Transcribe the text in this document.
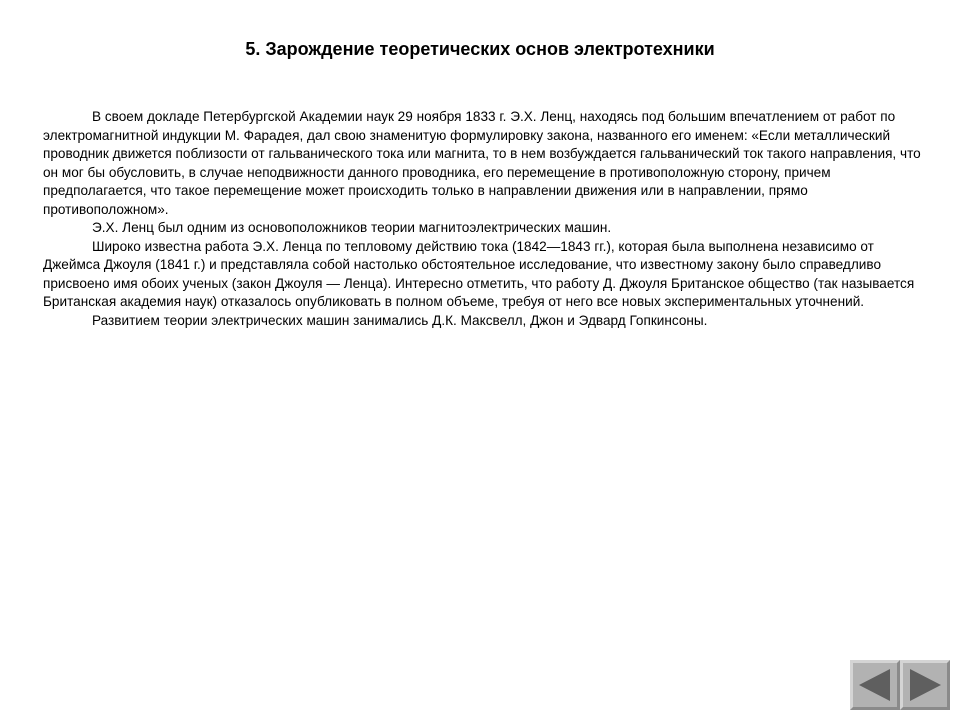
5. Зарождение теоретических основ электротехники

В своем докладе Петербургской Академии наук 29 ноября 1833 г. Э.Х. Ленц, находясь под большим впечатлением от работ по электромагнитной индукции М. Фарадея, дал свою знаменитую формулировку закона, названного его именем: «Если металлический проводник движется поблизости от гальванического тока или магнита, то в нем возбуждается гальванический ток такого направления, что он мог бы обусловить, в случае неподвижности данного проводника, его перемещение в противоположную сторону, причем предполагается, что такое перемещение может происходить только в направлении движения или в направлении, прямо противоположном».

Э.Х. Ленц был одним из основоположников теории магнитоэлектрических машин.

Широко известна работа Э.Х. Ленца по тепловому действию тока (1842—1843 гг.), которая была выполнена независимо от Джеймса Джоуля (1841 г.) и представляла собой настолько обстоятельное исследование, что известному закону было справедливо присвоено имя обоих ученых (закон Джоуля — Ленца). Интересно отметить, что работу Д. Джоуля Британское общество (так называется Британская академия наук) отказалось опубликовать в полном объеме, требуя от него все новых экспериментальных уточнений.

Развитием теории электрических машин занимались Д.К. Максвелл, Джон и Эдвард Гопкинсоны.
